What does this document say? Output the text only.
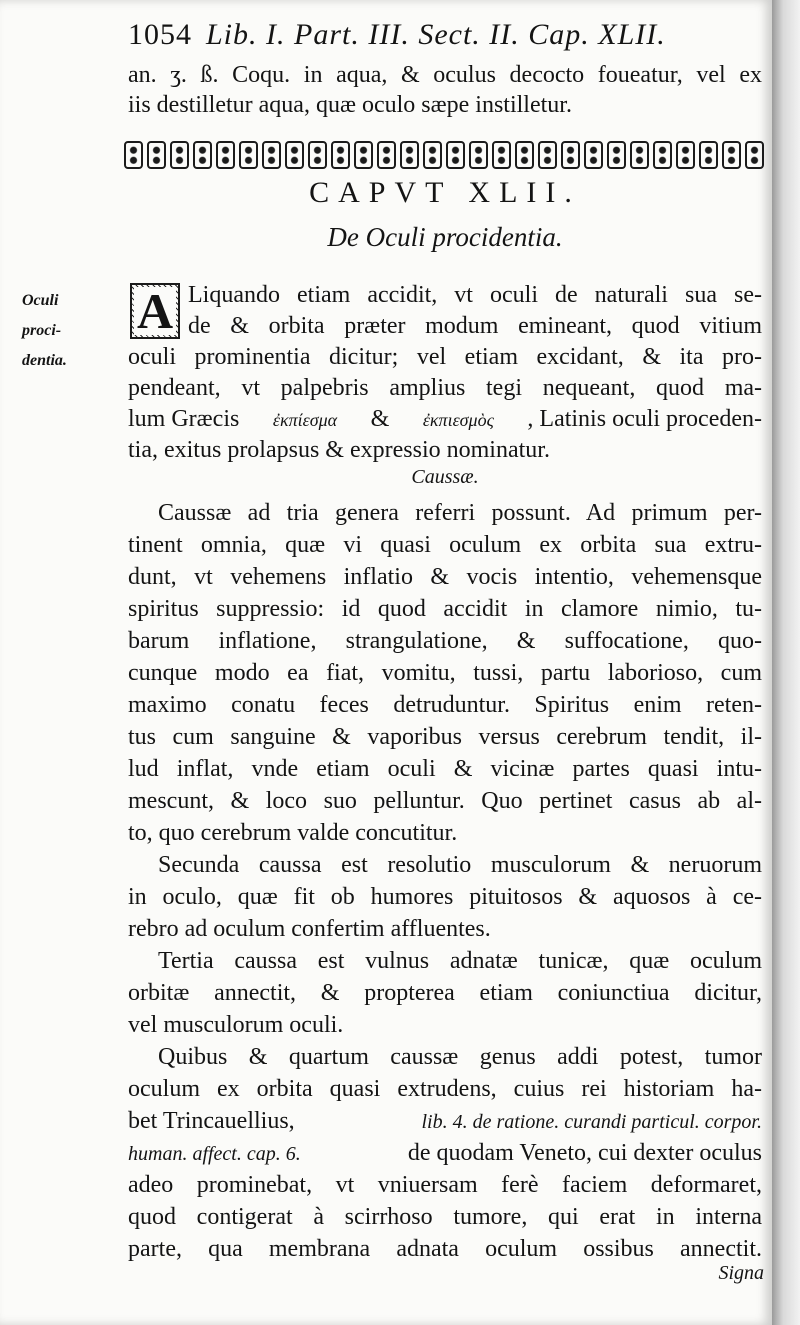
1054 Lib. I. Part. III. Sect. II. Cap. XLII.
an. ʒ. ß. Coqu. in aqua, & oculus decocto foueatur, vel ex
iis destilletur aqua, quæ oculo sæpe instilletur.
CAPVT XLII.
De Oculi procidentia.
Oculi
proci-
dentia.
A Liquando etiam accidit, vt oculi de naturali sua se-
de & orbita præter modum emineant, quod vitium
oculi prominentia dicitur; vel etiam excidant, & ita pro-
pendeant, vt palpebris amplius tegi nequeant, quod ma-
lum Græcis ἐκπίεσμα & ἐκπιεσμὸς , Latinis oculi proceden-
tia, exitus prolapsus & expressio nominatur.
Caussæ.
Caussæ ad tria genera referri possunt. Ad primum per-
tinent omnia, quæ vi quasi oculum ex orbita sua extru-
dunt, vt vehemens inflatio & vocis intentio, vehemensque
spiritus suppressio: id quod accidit in clamore nimio, tu-
barum inflatione, strangulatione, & suffocatione, quo-
cunque modo ea fiat, vomitu, tussi, partu laborioso, cum
maximo conatu feces detruduntur. Spiritus enim reten-
tus cum sanguine & vaporibus versus cerebrum tendit, il-
lud inflat, vnde etiam oculi & vicinæ partes quasi intu-
mescunt, & loco suo pelluntur. Quo pertinet casus ab al-
to, quo cerebrum valde concutitur.
Secunda caussa est resolutio musculorum & neruorum
in oculo, quæ fit ob humores pituitosos & aquosos à ce-
rebro ad oculum confertim affluentes.
Tertia caussa est vulnus adnatæ tunicæ, quæ oculum
orbitæ annectit, & propterea etiam coniunctiua dicitur,
vel musculorum oculi.
Quibus & quartum caussæ genus addi potest, tumor
oculum ex orbita quasi extrudens, cuius rei historiam ha-
bet Trincauellius,	lib. 4. de ratione. curandi particul. corpor.
human. affect. cap. 6.	de quodam Veneto, cui dexter oculus
adeo prominebat, vt vniuersam ferè faciem deformaret,
quod contigerat à scirrhoso tumore, qui erat in interna
parte, qua membrana adnata oculum ossibus annectit.
Signa
